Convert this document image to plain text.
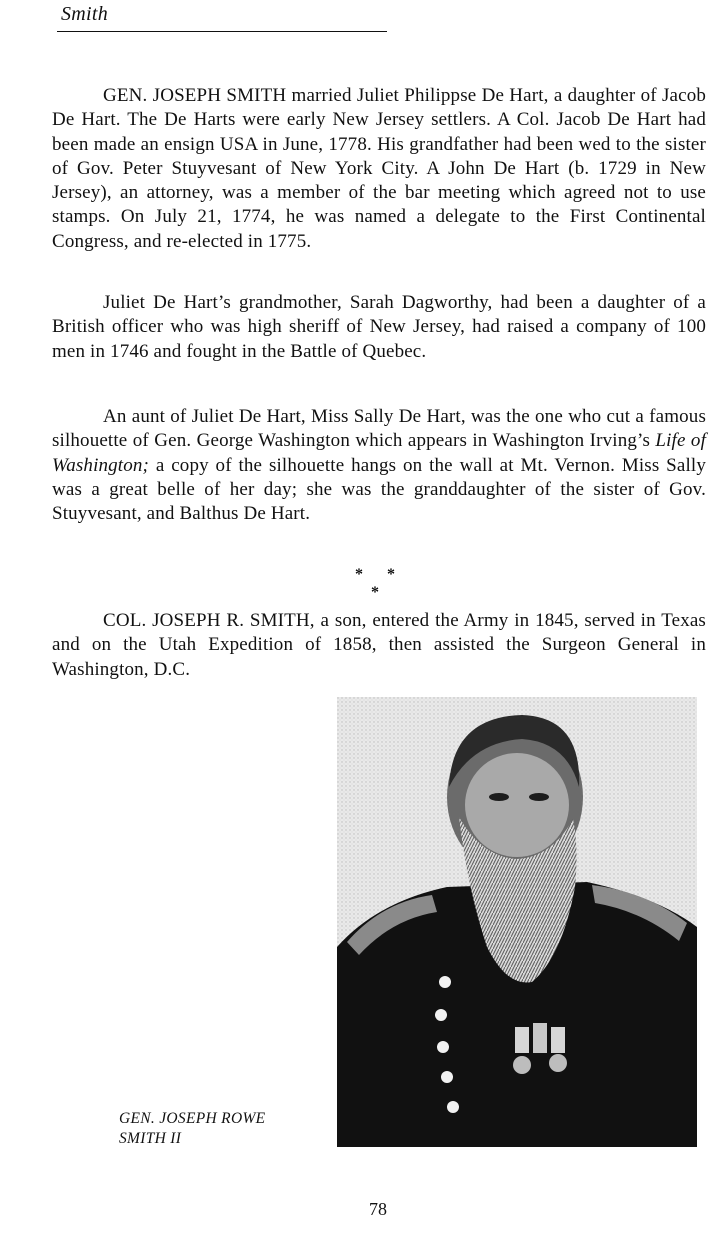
Smith

GEN. JOSEPH SMITH married Juliet Philippse De Hart, a daughter of Jacob De Hart. The De Harts were early New Jersey settlers. A Col. Jacob De Hart had been made an ensign USA in June, 1778. His grandfather had been wed to the sister of Gov. Peter Stuyvesant of New York City. A John De Hart (b. 1729 in New Jersey), an attorney, was a member of the bar meeting which agreed not to use stamps. On July 21, 1774, he was named a delegate to the First Continental Congress, and re-elected in 1775.

Juliet De Hart’s grandmother, Sarah Dagworthy, had been a daughter of a British officer who was high sheriff of New Jersey, had raised a company of 100 men in 1746 and fought in the Battle of Quebec.

An aunt of Juliet De Hart, Miss Sally De Hart, was the one who cut a famous silhouette of Gen. George Washington which appears in Washington Irving’s Life of Washington; a copy of the silhouette hangs on the wall at Mt. Vernon. Miss Sally was a great belle of her day; she was the granddaughter of the sister of Gov. Stuyvesant, and Balthus De Hart.

* * *

COL. JOSEPH R. SMITH, a son, entered the Army in 1845, served in Texas and on the Utah Expedition of 1858, then assisted the Surgeon General in Washington, D.C.

GEN. JOSEPH ROWE
SMITH II
78
